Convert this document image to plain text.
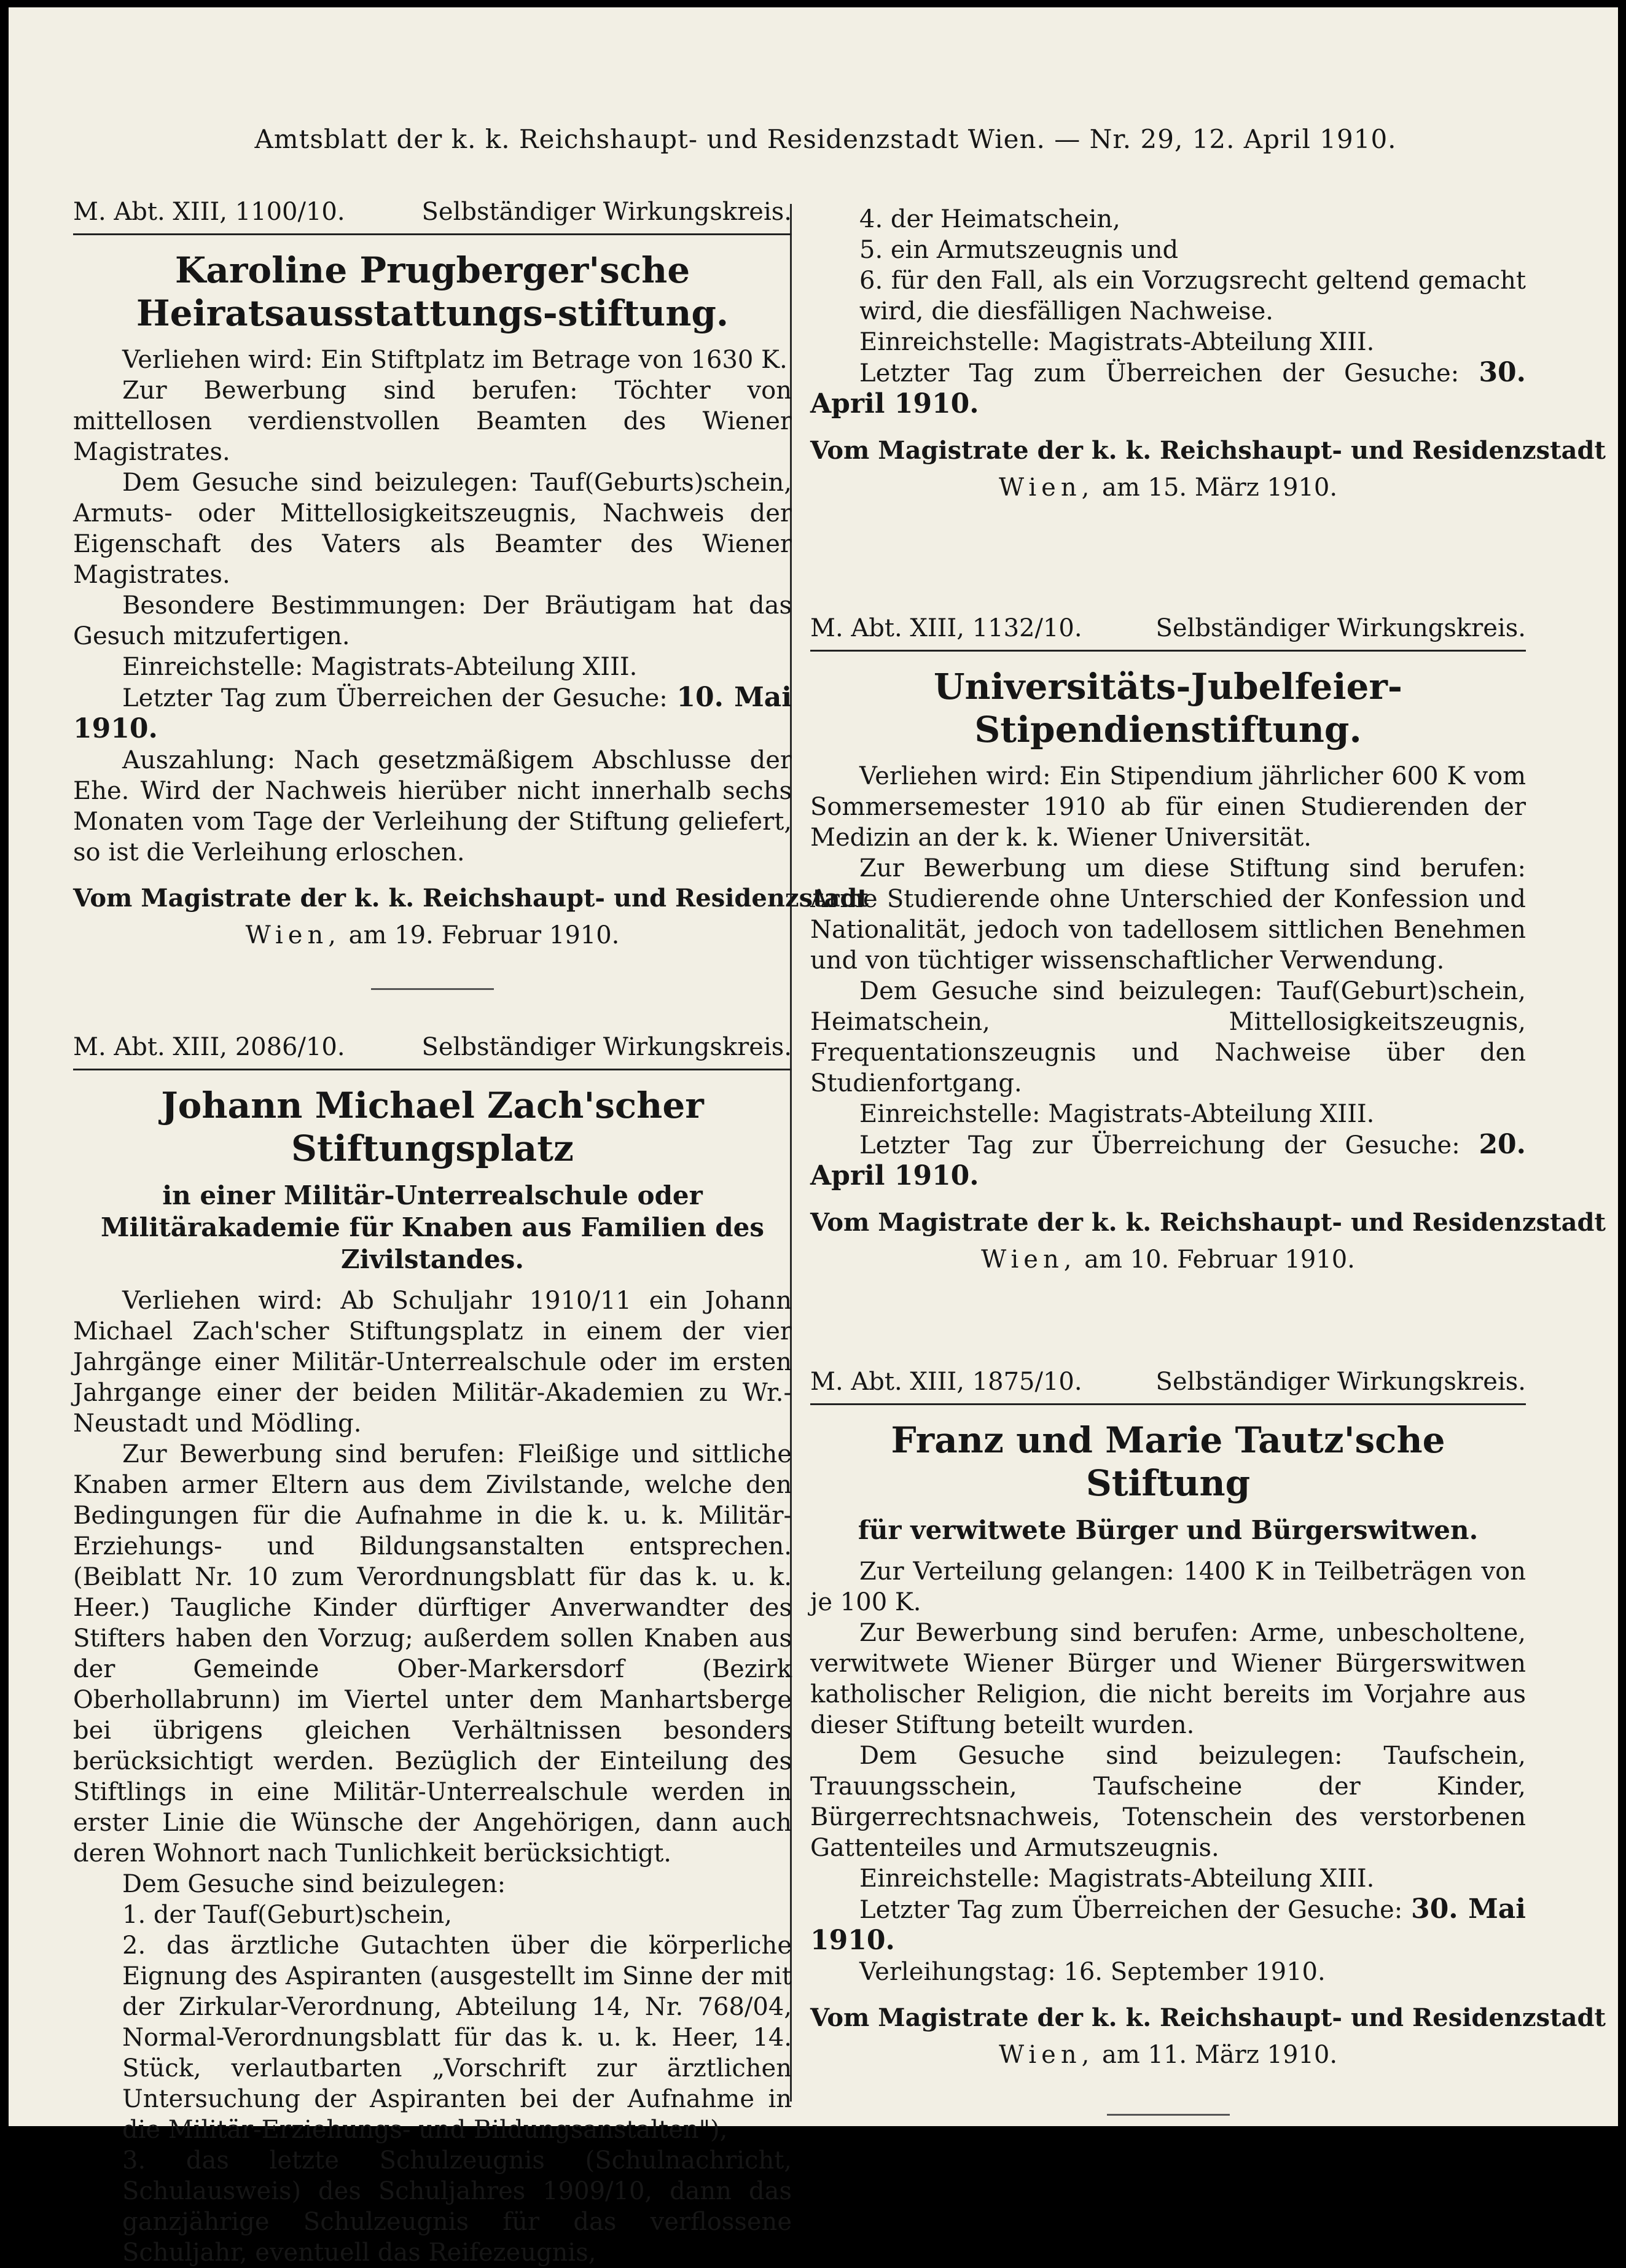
Amtsblatt der k. k. Reichshaupt- und Residenzstadt Wien. — Nr. 29, 12. April 1910.
M. Abt. XIII, 1100/10.	Selbständiger Wirkungskreis.
Karoline Prugberger'sche Heiratsausstattungs-stiftung.

Verliehen wird: Ein Stiftplatz im Betrage von 1630 K.

Zur Bewerbung sind berufen: Töchter von mittellosen verdienstvollen Beamten des Wiener Magistrates.

Dem Gesuche sind beizulegen: Tauf(Geburts)schein, Armuts- oder Mittellosigkeitszeugnis, Nachweis der Eigenschaft des Vaters als Beamter des Wiener Magistrates.

Besondere Bestimmungen: Der Bräutigam hat das Gesuch mitzufertigen.

Einreichstelle: Magistrats-Abteilung XIII.

Letzter Tag zum Überreichen der Gesuche: 10. Mai 1910.

Auszahlung: Nach gesetzmäßigem Abschlusse der Ehe. Wird der Nachweis hierüber nicht innerhalb sechs Monaten vom Tage der Verleihung der Stiftung geliefert, so ist die Verleihung erloschen.

Vom Magistrate der k. k. Reichshaupt- und Residenzstadt
Wien, am 19. Februar 1910.
M. Abt. XIII, 2086/10.	Selbständiger Wirkungskreis.
Johann Michael Zach'scher Stiftungsplatz
in einer Militär-Unterrealschule oder Militärakademie für Knaben aus Familien des Zivilstandes.

Verliehen wird: Ab Schuljahr 1910/11 ein Johann Michael Zach'scher Stiftungsplatz in einem der vier Jahrgänge einer Militär-Unterrealschule oder im ersten Jahrgange einer der beiden Militär-Akademien zu Wr.-Neustadt und Mödling.

Zur Bewerbung sind berufen: Fleißige und sittliche Knaben armer Eltern aus dem Zivilstande, welche den Bedingungen für die Aufnahme in die k. u. k. Militär-Erziehungs- und Bildungsanstalten entsprechen. (Beiblatt Nr. 10 zum Verordnungsblatt für das k. u. k. Heer.) Taugliche Kinder dürftiger Anverwandter des Stifters haben den Vorzug; außerdem sollen Knaben aus der Gemeinde Ober-Markersdorf (Bezirk Oberhollabrunn) im Viertel unter dem Manhartsberge bei übrigens gleichen Verhältnissen besonders berücksichtigt werden. Bezüglich der Einteilung des Stiftlings in eine Militär-Unterrealschule werden in erster Linie die Wünsche der Angehörigen, dann auch deren Wohnort nach Tunlichkeit berücksichtigt.

Dem Gesuche sind beizulegen:

1. der Tauf(Geburt)schein,

2. das ärztliche Gutachten über die körperliche Eignung des Aspiranten (ausgestellt im Sinne der mit der Zirkular-Verordnung, Abteilung 14, Nr. 768/04, Normal-Verordnungsblatt für das k. u. k. Heer, 14. Stück, verlautbarten „Vorschrift zur ärztlichen Untersuchung der Aspiranten bei der Aufnahme in die Militär-Erziehungs- und Bildungsanstalten"),

3. das letzte Schulzeugnis (Schulnachricht, Schulausweis) des Schuljahres 1909/10, dann das ganzjährige Schulzeugnis für das verflossene Schuljahr, eventuell das Reifezeugnis,

4. der Heimatschein,

5. ein Armutszeugnis und

6. für den Fall, als ein Vorzugsrecht geltend gemacht wird, die diesfälligen Nachweise.

Einreichstelle: Magistrats-Abteilung XIII.

Letzter Tag zum Überreichen der Gesuche: 30. April 1910.

Vom Magistrate der k. k. Reichshaupt- und Residenzstadt
Wien, am 15. März 1910.
M. Abt. XIII, 1132/10.	Selbständiger Wirkungskreis.
Universitäts-Jubelfeier-Stipendienstiftung.

Verliehen wird: Ein Stipendium jährlicher 600 K vom Sommersemester 1910 ab für einen Studierenden der Medizin an der k. k. Wiener Universität.

Zur Bewerbung um diese Stiftung sind berufen: Arme Studierende ohne Unterschied der Konfession und Nationalität, jedoch von tadellosem sittlichen Benehmen und von tüchtiger wissenschaftlicher Verwendung.

Dem Gesuche sind beizulegen: Tauf(Geburt)schein, Heimatschein, Mittellosigkeitszeugnis, Frequentationszeugnis und Nachweise über den Studienfortgang.

Einreichstelle: Magistrats-Abteilung XIII.

Letzter Tag zur Überreichung der Gesuche: 20. April 1910.

Vom Magistrate der k. k. Reichshaupt- und Residenzstadt
Wien, am 10. Februar 1910.
M. Abt. XIII, 1875/10.	Selbständiger Wirkungskreis.
Franz und Marie Tautz'sche Stiftung
für verwitwete Bürger und Bürgerswitwen.

Zur Verteilung gelangen: 1400 K in Teilbeträgen von je 100 K.

Zur Bewerbung sind berufen: Arme, unbescholtene, verwitwete Wiener Bürger und Wiener Bürgerswitwen katholischer Religion, die nicht bereits im Vorjahre aus dieser Stiftung beteilt wurden.

Dem Gesuche sind beizulegen: Taufschein, Trauungsschein, Taufscheine der Kinder, Bürgerrechtsnachweis, Totenschein des verstorbenen Gattenteiles und Armutszeugnis.

Einreichstelle: Magistrats-Abteilung XIII.

Letzter Tag zum Überreichen der Gesuche: 30. Mai 1910.

Verleihungstag: 16. September 1910.

Vom Magistrate der k. k. Reichshaupt- und Residenzstadt
Wien, am 11. März 1910.
